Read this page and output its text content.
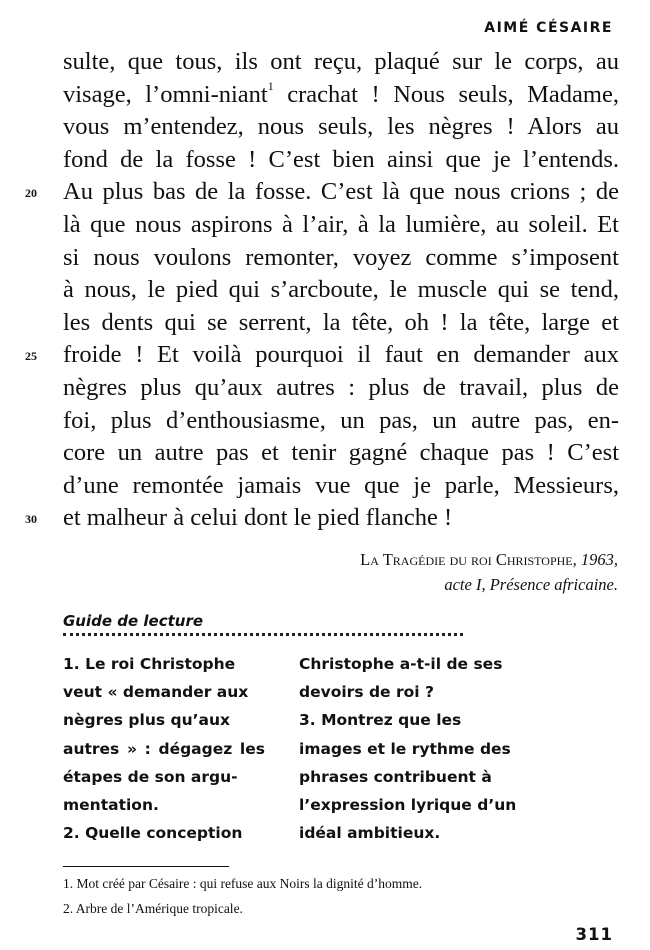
AIMÉ CÉSAIRE
sulte, que tous, ils ont reçu, plaqué sur le corps, au
visage, l’omni-niant$^1$ crachat ! Nous seuls, Madame,
vous m’entendez, nous seuls, les nègres ! Alors au
fond de la fosse ! C’est bien ainsi que je l’entends.
20	Au plus bas de la fosse. C’est là que nous crions ; de
là que nous aspirons à l’air, à la lumière, au soleil. Et
si nous voulons remonter, voyez comme s’imposent
à nous, le pied qui s’arcboute, le muscle qui se tend,
les dents qui se serrent, la tête, oh ! la tête, large et
25	froide ! Et voilà pourquoi il faut en demander aux
nègres plus qu’aux autres : plus de travail, plus de
foi, plus d’enthousiasme, un pas, un autre pas, en-
core un autre pas et tenir gagné chaque pas ! C’est
d’une remontée jamais vue que je parle, Messieurs,
30	et malheur à celui dont le pied flanche !
La Tragédie du roi Christophe, 1963,
acte I, Présence africaine.
Guide de lecture
1. Le roi Christophe
veut « demander aux
nègres plus qu’aux
autres » : dégagez les
étapes de son argu-
mentation.
2. Quelle conception
Christophe a-t-il de ses
devoirs de roi ?
3. Montrez que les
images et le rythme des
phrases contribuent à
l’expression lyrique d’un
idéal ambitieux.
1. Mot créé par Césaire : qui refuse aux Noirs la dignité d’homme.
2. Arbre de l’Amérique tropicale.
311
